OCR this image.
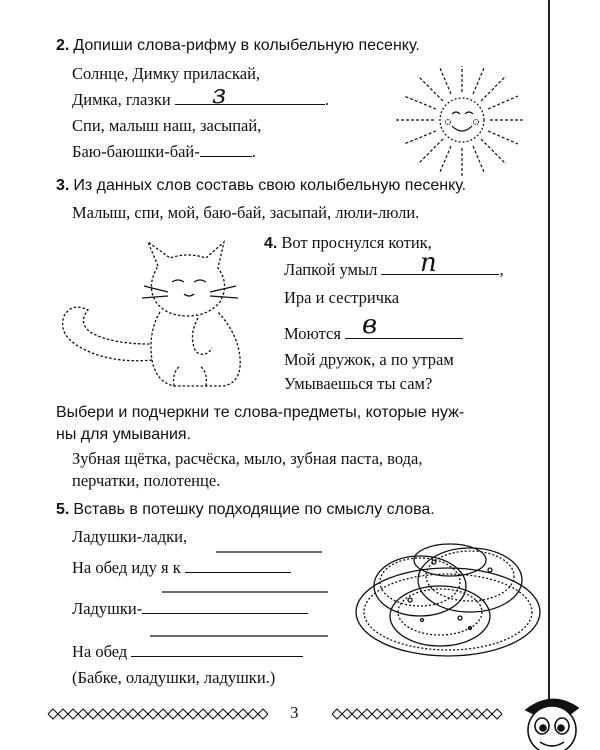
2. Допиши слова-рифму в колыбельную песенку.
Солнце, Димку приласкай,
Димка, глазки	.
з
Спи, малыш наш, засыпай,
Баю-баюшки-бай-	.
3. Из данных слов составь свою колыбельную песенку.
Малыш, спи, мой, баю-бай, засыпай, люли-люли.
4. Вот проснулся котик,
Лапкой умыл	,
п
Ира и сестричка
Моются в
Мой дружок, а по утрам
Умываешься ты сам?
Выбери и подчеркни те слова-предметы, которые нуж-
ны для умывания.
Зубная щётка, расчёска, мыло, зубная паста, вода,
перчатки, полотенце.
5. Вставь в потешку подходящие по смыслу слова.
Ладушки-ладки,
На обед иду я к
Ладушки-
На обед
(Бабке, оладушки, ладушки.)
3
